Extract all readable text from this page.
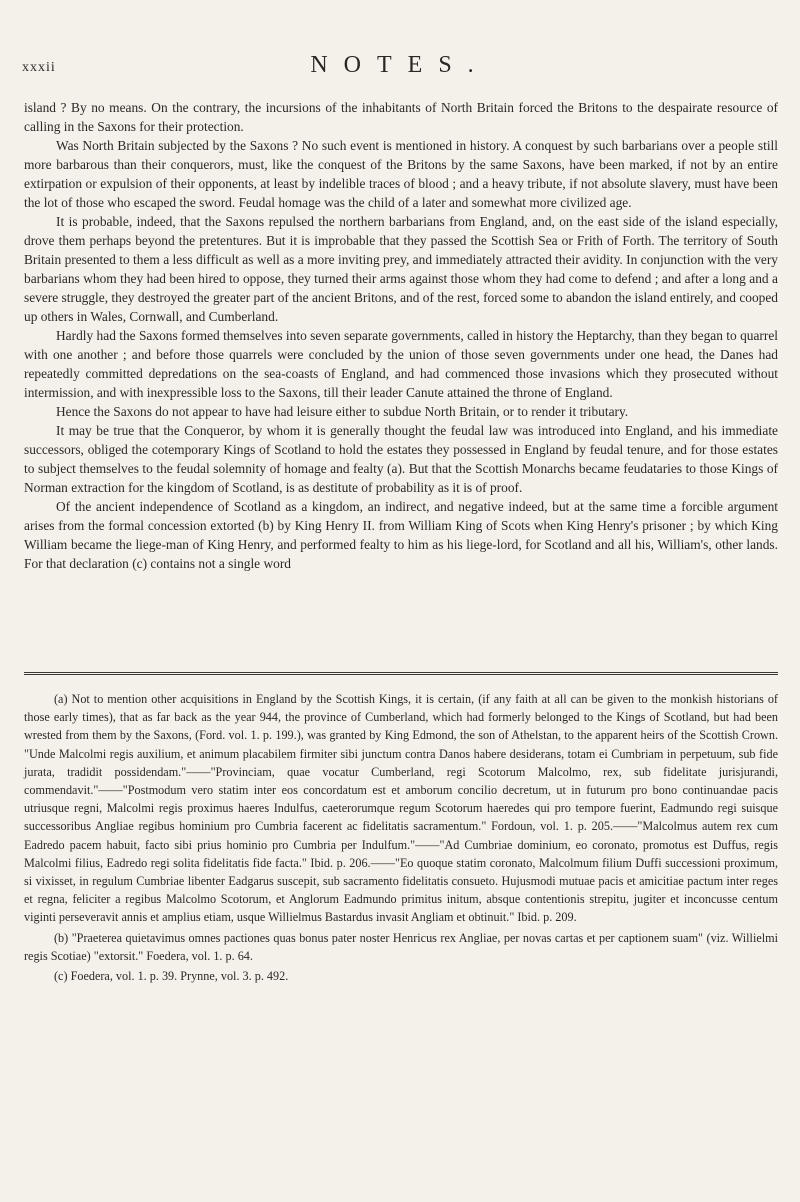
xxxii	NOTES.

island ? By no means. On the contrary, the incursions of the inhabitants of North Britain forced the Britons to the despairate resource of calling in the Saxons for their protection.

Was North Britain subjected by the Saxons ? No such event is mentioned in history. A conquest by such barbarians over a people still more barbarous than their conquerors, must, like the conquest of the Britons by the same Saxons, have been marked, if not by an entire extirpation or expulsion of their opponents, at least by indelible traces of blood ; and a heavy tribute, if not absolute slavery, must have been the lot of those who escaped the sword. Feudal homage was the child of a later and somewhat more civilized age.

It is probable, indeed, that the Saxons repulsed the northern barbarians from England, and, on the east side of the island especially, drove them perhaps beyond the pretentures. But it is improbable that they passed the Scottish Sea or Frith of Forth. The territory of South Britain presented to them a less difficult as well as a more inviting prey, and immediately attracted their avidity. In conjunction with the very barbarians whom they had been hired to oppose, they turned their arms against those whom they had come to defend ; and after a long and a severe struggle, they destroyed the greater part of the ancient Britons, and of the rest, forced some to abandon the island entirely, and cooped up others in Wales, Cornwall, and Cumberland.

Hardly had the Saxons formed themselves into seven separate governments, called in history the Heptarchy, than they began to quarrel with one another ; and before those quarrels were concluded by the union of those seven governments under one head, the Danes had repeatedly committed depredations on the sea-coasts of England, and had commenced those invasions which they prosecuted without intermission, and with inexpressible loss to the Saxons, till their leader Canute attained the throne of England.

Hence the Saxons do not appear to have had leisure either to subdue North Britain, or to render it tributary.

It may be true that the Conqueror, by whom it is generally thought the feudal law was introduced into England, and his immediate successors, obliged the cotemporary Kings of Scotland to hold the estates they possessed in England by feudal tenure, and for those estates to subject themselves to the feudal solemnity of homage and fealty (a). But that the Scottish Monarchs became feudataries to those Kings of Norman extraction for the kingdom of Scotland, is as destitute of probability as it is of proof.

Of the ancient independence of Scotland as a kingdom, an indirect, and negative indeed, but at the same time a forcible argument arises from the formal concession extorted (b) by King Henry II. from William King of Scots when King Henry's prisoner ; by which King William became the liege-man of King Henry, and performed fealty to him as his liege-lord, for Scotland and all his, William's, other lands. For that declaration (c) contains not a single word

(a) Not to mention other acquisitions in England by the Scottish Kings, it is certain, (if any faith at all can be given to the monkish historians of those early times), that as far back as the year 944, the province of Cumberland, which had formerly belonged to the Kings of Scotland, but had been wrested from them by the Saxons, (Ford. vol. 1. p. 199.), was granted by King Edmond, the son of Athelstan, to the apparent heirs of the Scottish Crown. "Unde Malcolmi regis auxilium, et animum placabilem firmiter sibi junctum contra Danos habere desiderans, totam ei Cumbriam in perpetuum, sub fide jurata, tradidit possidendam."——"Provinciam, quae vocatur Cumberland, regi Scotorum Malcolmo, rex, sub fidelitate jurisjurandi, commendavit."——"Postmodum vero statim inter eos concordatum est et amborum concilio decretum, ut in futurum pro bono continuandae pacis utriusque regni, Malcolmi regis proximus haeres Indulfus, caeterorumque regum Scotorum haeredes qui pro tempore fuerint, Eadmundo regi suisque successoribus Angliae regibus hominium pro Cumbria facerent ac fidelitatis sacramentum." Fordoun, vol. 1. p. 205.——"Malcolmus autem rex cum Eadredo pacem habuit, facto sibi prius hominio pro Cumbria per Indulfum."——"Ad Cumbriae dominium, eo coronato, promotus est Duffus, regis Malcolmi filius, Eadredo regi solita fidelitatis fide facta." Ibid. p. 206.——"Eo quoque statim coronato, Malcolmum filium Duffi successioni proximum, si vixisset, in regulum Cumbriae libenter Eadgarus suscepit, sub sacramento fidelitatis consueto. Hujusmodi mutuae pacis et amicitiae pactum inter reges et regna, feliciter a regibus Malcolmo Scotorum, et Anglorum Eadmundo primitus initum, absque contentionis strepitu, jugiter et inconcusse centum viginti perseveravit annis et amplius etiam, usque Willielmus Bastardus invasit Angliam et obtinuit." Ibid. p. 209.

(b) "Praeterea quietavimus omnes pactiones quas bonus pater noster Henricus rex Angliae, per novas cartas et per captionem suam" (viz. Willielmi regis Scotiae) "extorsit." Foedera, vol. 1. p. 64.

(c) Foedera, vol. 1. p. 39. Prynne, vol. 3. p. 492.
